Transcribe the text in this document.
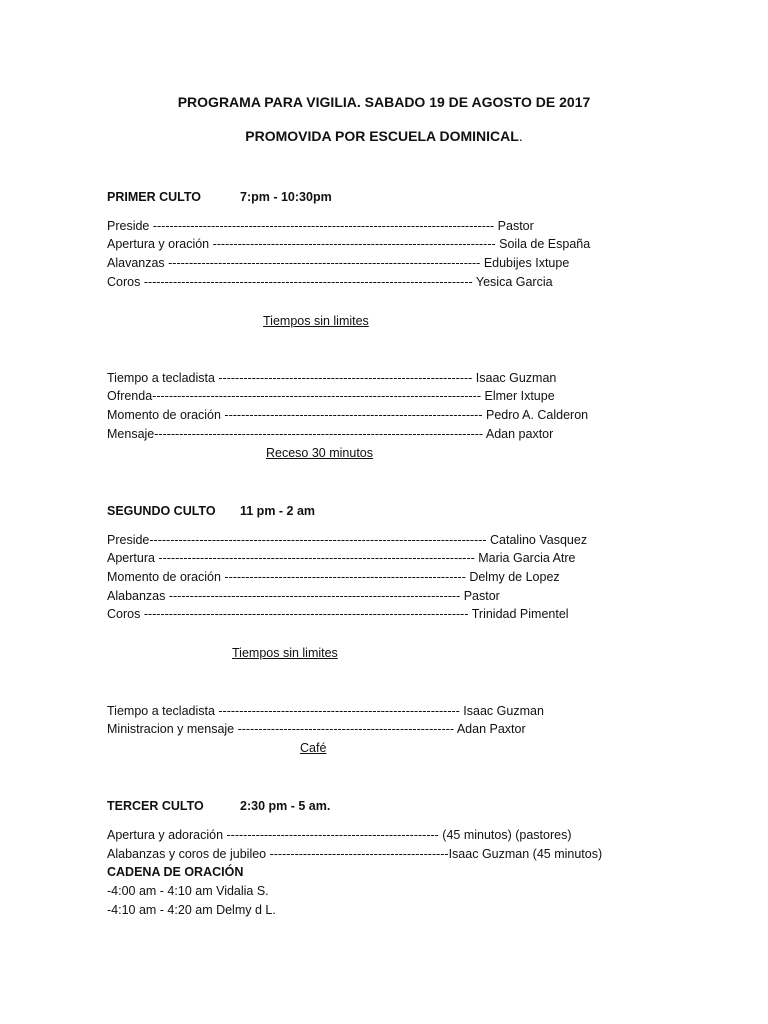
PROGRAMA PARA VIGILIA. SABADO 19 DE AGOSTO DE 2017
PROMOVIDA POR ESCUELA DOMINICAL.
PRIMER CULTO	7:pm - 10:30pm
Preside ---------------------------------------------------------------------------------- Pastor
Apertura y oración -------------------------------------------------------------------- Soila de España
Alavanzas --------------------------------------------------------------------------- Edubijes Ixtupe
Coros ------------------------------------------------------------------------------- Yesica Garcia
Tiempos sin limites
Tiempo a tecladista ------------------------------------------------------------- Isaac Guzman
Ofrenda------------------------------------------------------------------------------- Elmer Ixtupe
Momento de oración -------------------------------------------------------------- Pedro A. Calderon
Mensaje------------------------------------------------------------------------------- Adan paxtor
Receso 30 minutos
SEGUNDO CULTO 11 pm - 2 am
Preside--------------------------------------------------------------------------------- Catalino Vasquez
Apertura ---------------------------------------------------------------------------- Maria Garcia Atre
Momento de oración ---------------------------------------------------------- Delmy de Lopez
Alabanzas ---------------------------------------------------------------------- Pastor
Coros ------------------------------------------------------------------------------ Trinidad Pimentel
Tiempos sin limites
Tiempo a tecladista ---------------------------------------------------------- Isaac Guzman
Ministracion y mensaje ---------------------------------------------------- Adan Paxtor
Café
TERCER CULTO	2:30 pm - 5 am.
Apertura y adoración --------------------------------------------------- (45 minutos) (pastores)
Alabanzas y coros de jubileo -------------------------------------------Isaac Guzman (45 minutos)
CADENA DE ORACIÓN
-4:00 am - 4:10 am Vidalia S.
-4:10 am - 4:20 am Delmy d L.
